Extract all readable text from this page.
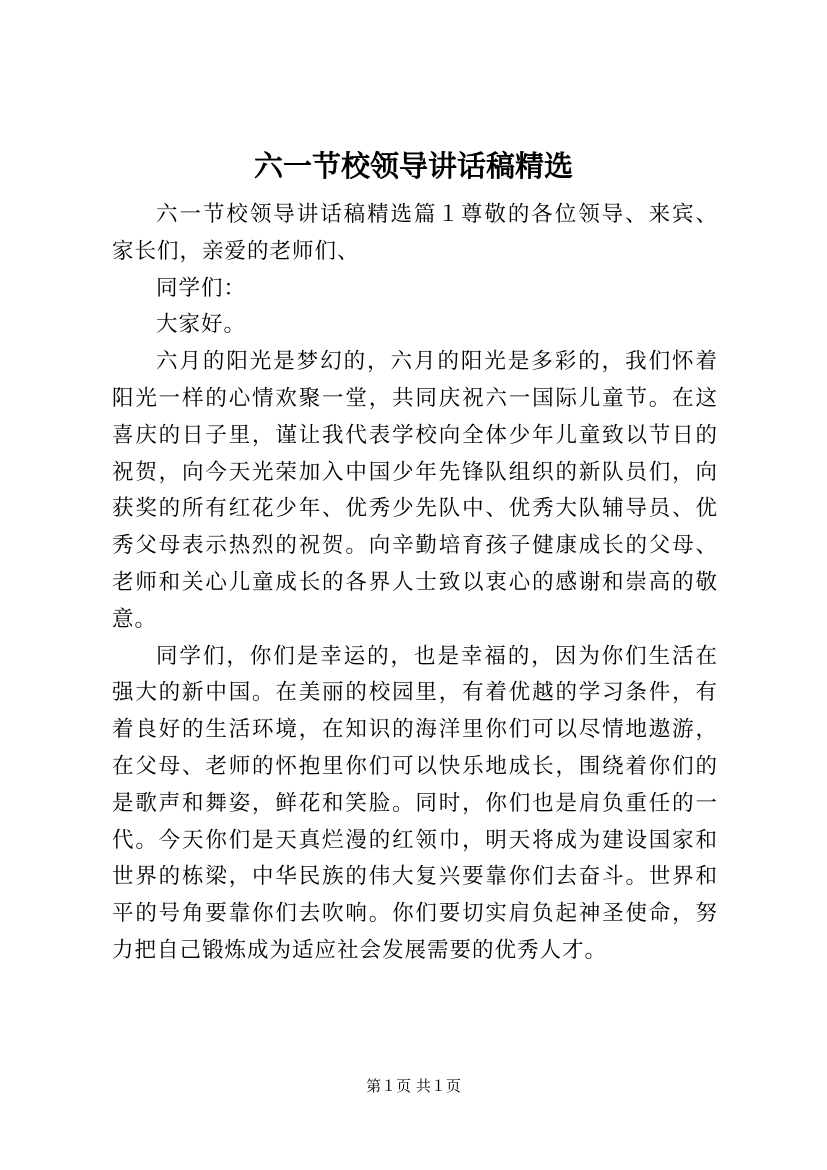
六一节校领导讲话稿精选

六一节校领导讲话稿精选篇１尊敬的各位领导、来宾、家长们，亲爱的老师们、

同学们：

大家好。

六月的阳光是梦幻的，六月的阳光是多彩的，我们怀着阳光一样的心情欢聚一堂，共同庆祝六一国际儿童节。在这喜庆的日子里，谨让我代表学校向全体少年儿童致以节日的祝贺，向今天光荣加入中国少年先锋队组织的新队员们，向获奖的所有红花少年、优秀少先队中、优秀大队辅导员、优秀父母表示热烈的祝贺。向辛勤培育孩子健康成长的父母、老师和关心儿童成长的各界人士致以衷心的感谢和崇高的敬意。

同学们，你们是幸运的，也是幸福的，因为你们生活在强大的新中国。在美丽的校园里，有着优越的学习条件，有着良好的生活环境，在知识的海洋里你们可以尽情地遨游，在父母、老师的怀抱里你们可以快乐地成长，围绕着你们的是歌声和舞姿，鲜花和笑脸。同时，你们也是肩负重任的一代。今天你们是天真烂漫的红领巾，明天将成为建设国家和世界的栋梁，中华民族的伟大复兴要靠你们去奋斗。世界和平的号角要靠你们去吹响。你们要切实肩负起神圣使命，努力把自己锻炼成为适应社会发展需要的优秀人才。

第１页 共１页
